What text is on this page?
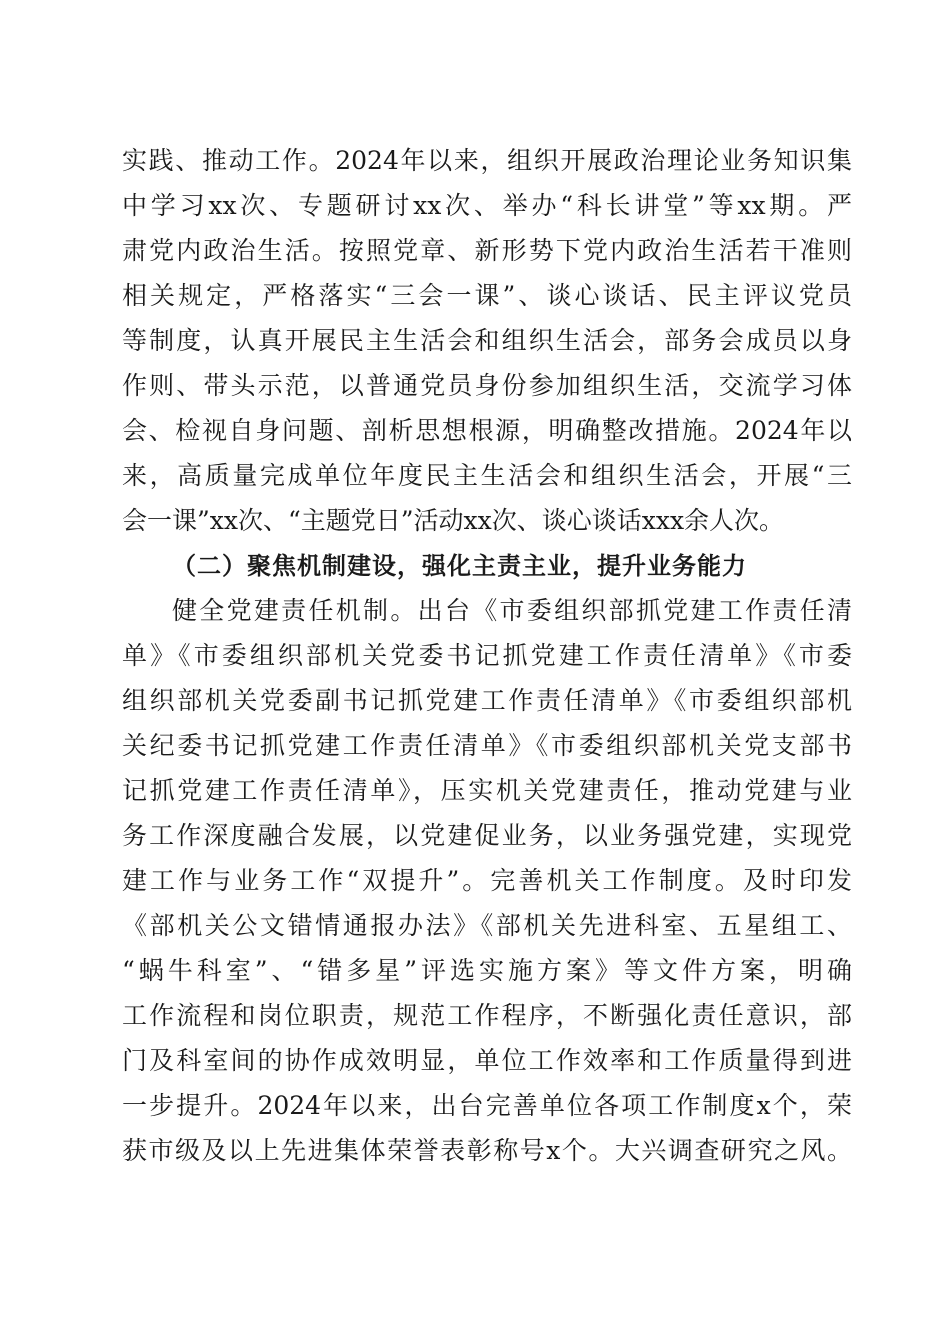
实践、推动工作。2024年以来，组织开展政治理论业务知识集
中学习xx次、专题研讨xx次、举办“科长讲堂”等xx期。严
肃党内政治生活。按照党章、新形势下党内政治生活若干准则
相关规定，严格落实“三会一课”、谈心谈话、民主评议党员
等制度，认真开展民主生活会和组织生活会，部务会成员以身
作则、带头示范，以普通党员身份参加组织生活，交流学习体
会、检视自身问题、剖析思想根源，明确整改措施。2024年以
来，高质量完成单位年度民主生活会和组织生活会，开展“三
会一课”xx次、“主题党日”活动xx次、谈心谈话xxx余人次。
（二）聚焦机制建设，强化主责主业，提升业务能力
健全党建责任机制。出台《市委组织部抓党建工作责任清
单》《市委组织部机关党委书记抓党建工作责任清单》《市委
组织部机关党委副书记抓党建工作责任清单》《市委组织部机
关纪委书记抓党建工作责任清单》《市委组织部机关党支部书
记抓党建工作责任清单》，压实机关党建责任，推动党建与业
务工作深度融合发展，以党建促业务，以业务强党建，实现党
建工作与业务工作“双提升”。完善机关工作制度。及时印发
《部机关公文错情通报办法》《部机关先进科室、五星组工、
“蜗牛科室”、“错多星”评选实施方案》等文件方案，明确
工作流程和岗位职责，规范工作程序，不断强化责任意识，部
门及科室间的协作成效明显，单位工作效率和工作质量得到进
一步提升。2024年以来，出台完善单位各项工作制度x个，荣
获市级及以上先进集体荣誉表彰称号x个。大兴调查研究之风。
